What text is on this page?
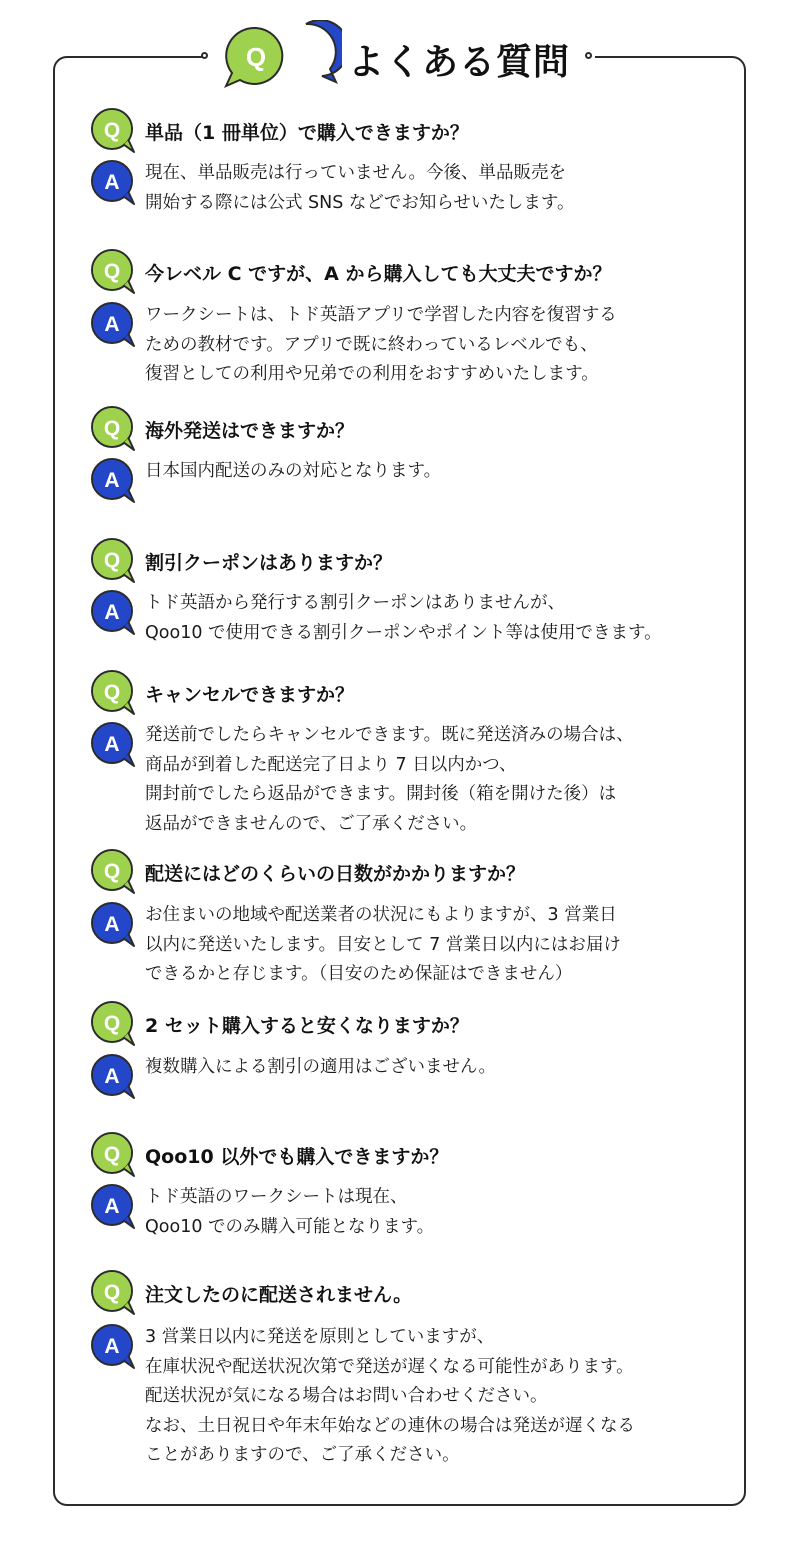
Q A よくある質問
Q 単品（1 冊単位）で購入できますか？
A 現在、単品販売は行っていません。今後、単品販売を
開始する際には公式 SNS などでお知らせいたします。
Q 今レベル C ですが、A から購入しても大丈夫ですか？
A ワークシートは、トド英語アプリで学習した内容を復習する
ための教材です。アプリで既に終わっているレベルでも、
復習としての利用や兄弟での利用をおすすめいたします。
Q 海外発送はできますか？
A 日本国内配送のみの対応となります。
Q 割引クーポンはありますか？
A トド英語から発行する割引クーポンはありませんが、
Qoo10 で使用できる割引クーポンやポイント等は使用できます。
Q キャンセルできますか？
A 発送前でしたらキャンセルできます。既に発送済みの場合は、
商品が到着した配送完了日より 7 日以内かつ、
開封前でしたら返品ができます。開封後（箱を開けた後）は
返品ができませんので、ご了承ください。
Q 配送にはどのくらいの日数がかかりますか？
A お住まいの地域や配送業者の状況にもよりますが、3 営業日
以内に発送いたします。目安として 7 営業日以内にはお届け
できるかと存じます。（目安のため保証はできません）
Q 2 セット購入すると安くなりますか？
A 複数購入による割引の適用はございません。
Q Qoo10 以外でも購入できますか？
A トド英語のワークシートは現在、
Qoo10 でのみ購入可能となります。
Q 注文したのに配送されません。
A 3 営業日以内に発送を原則としていますが、
在庫状況や配送状況次第で発送が遅くなる可能性があります。
配送状況が気になる場合はお問い合わせください。
なお、土日祝日や年末年始などの連休の場合は発送が遅くなる
ことがありますので、ご了承ください。
